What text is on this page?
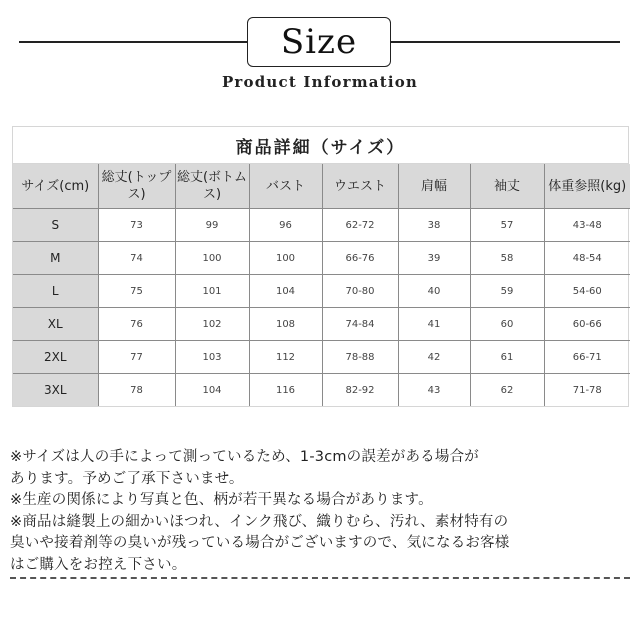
Size
Product Information
商品詳細（サイズ）
サイズ(cm)	総丈(トップス)	総丈(ボトムス)	バスト	ウエスト	肩幅	袖丈	体重参照(kg)
S	73	99	96	62-72	38	57	43-48
M	74	100	100	66-76	39	58	48-54
L	75	101	104	70-80	40	59	54-60
XL	76	102	108	74-84	41	60	60-66
2XL	77	103	112	78-88	42	61	66-71
3XL	78	104	116	82-92	43	62	71-78

※サイズは人の手によって測っているため、1-3cmの誤差がある場合が

あります。予めご了承下さいませ。

※生産の関係により写真と色、柄が若干異なる場合があります。

※商品は縫製上の細かいほつれ、インク飛び、織りむら、汚れ、素材特有の

臭いや接着剤等の臭いが残っている場合がございますので、気になるお客様

はご購入をお控え下さい。
